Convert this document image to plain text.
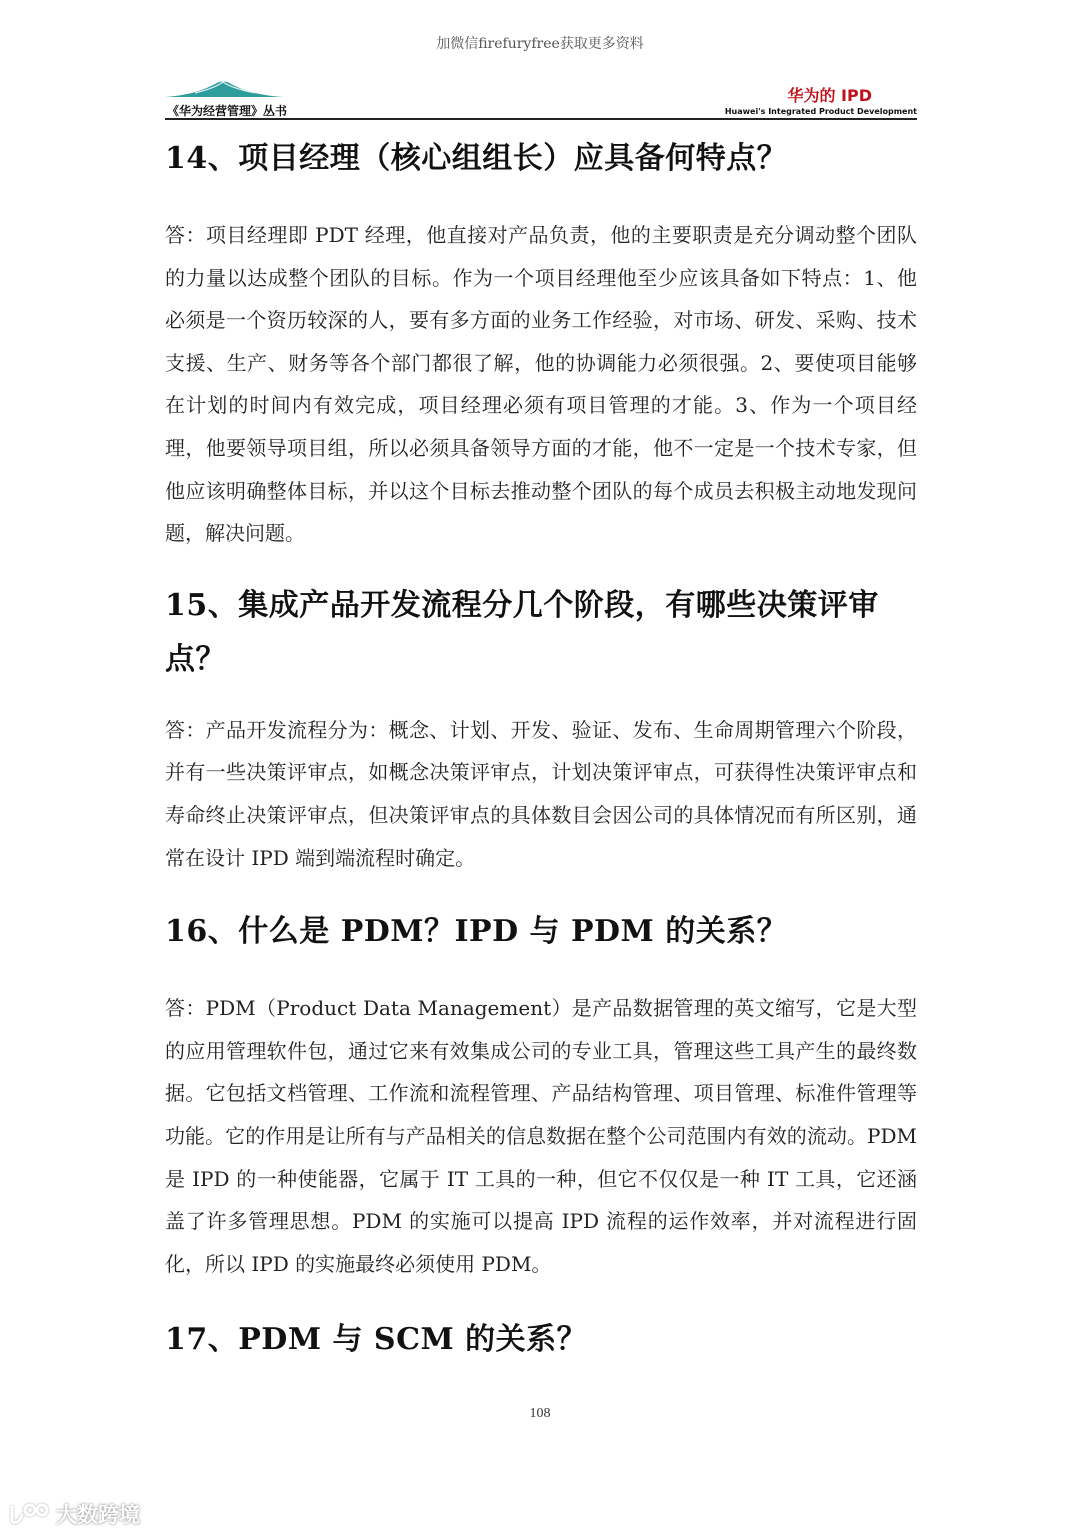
加微信firefuryfree获取更多资料
《华为经营管理》丛书
华为的 IPD
Huawei's Integrated Product Development
14、项目经理（核心组组长）应具备何特点？

答：项目经理即 PDT 经理，他直接对产品负责，他的主要职责是充分调动整个团队的力量以达成整个团队的目标。作为一个项目经理他至少应该具备如下特点：1、他必须是一个资历较深的人，要有多方面的业务工作经验，对市场、研发、采购、技术支援、生产、财务等各个部门都很了解，他的协调能力必须很强。2、要使项目能够在计划的时间内有效完成，项目经理必须有项目管理的才能。3、作为一个项目经理，他要领导项目组，所以必须具备领导方面的才能，他不一定是一个技术专家，但他应该明确整体目标，并以这个目标去推动整个团队的每个成员去积极主动地发现问题，解决问题。

15、集成产品开发流程分几个阶段，有哪些决策评审点？

答：产品开发流程分为：概念、计划、开发、验证、发布、生命周期管理六个阶段，并有一些决策评审点，如概念决策评审点，计划决策评审点，可获得性决策评审点和寿命终止决策评审点，但决策评审点的具体数目会因公司的具体情况而有所区别，通常在设计 IPD 端到端流程时确定。

16、什么是 PDM？IPD 与 PDM 的关系？

答：PDM（Product Data Management）是产品数据管理的英文缩写，它是大型的应用管理软件包，通过它来有效集成公司的专业工具，管理这些工具产生的最终数据。它包括文档管理、工作流和流程管理、产品结构管理、项目管理、标准件管理等功能。它的作用是让所有与产品相关的信息数据在整个公司范围内有效的流动。PDM 是 IPD 的一种使能器，它属于 IT 工具的一种，但它不仅仅是一种 IT 工具，它还涵盖了许多管理思想。PDM 的实施可以提高 IPD 流程的运作效率，并对流程进行固化，所以 IPD 的实施最终必须使用 PDM。

17、PDM 与 SCM 的关系？
108
大数跨境
